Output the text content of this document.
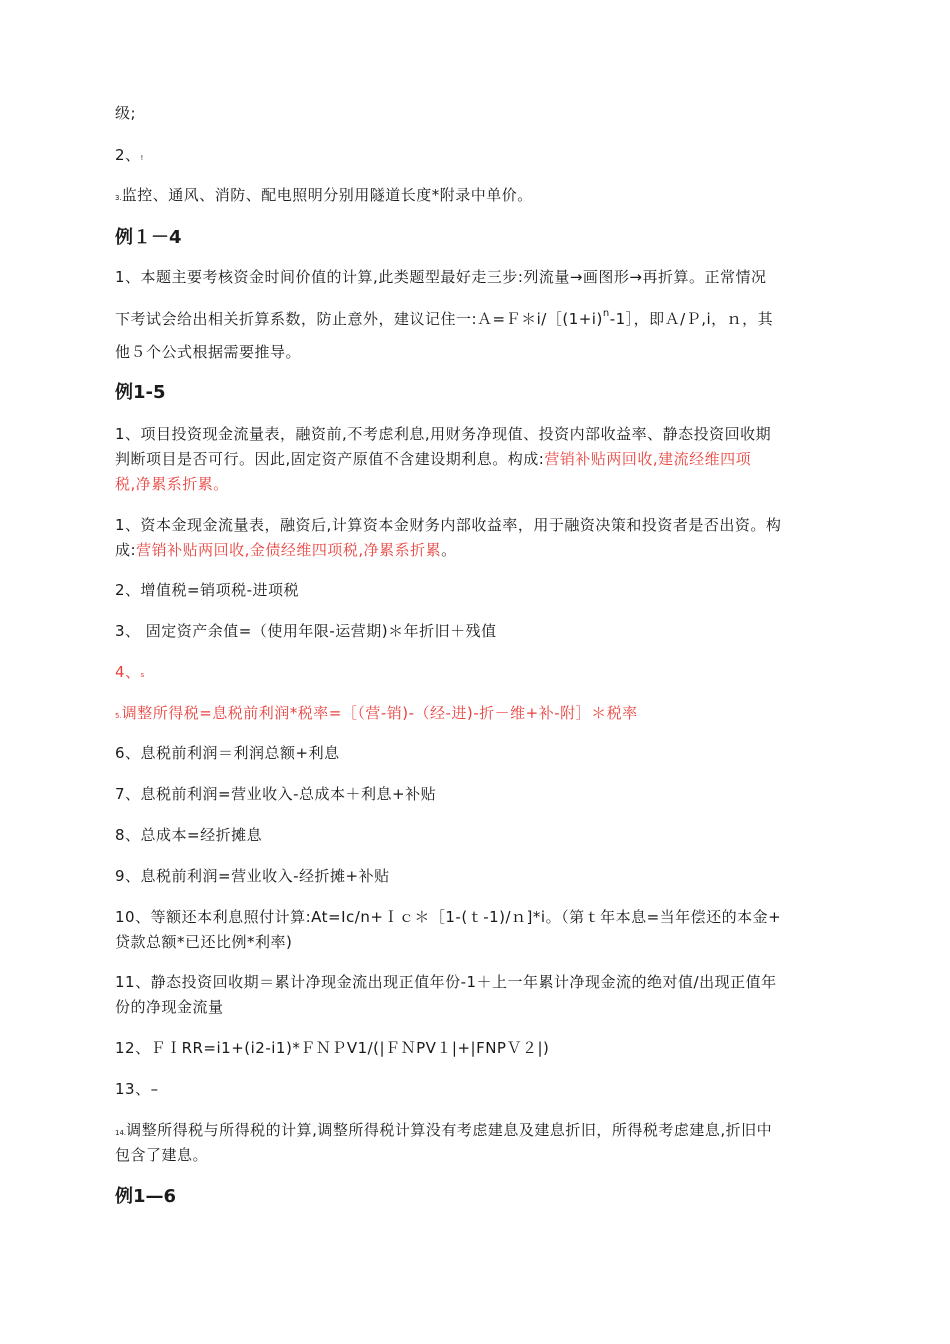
级;
2、!
3.监控、通风、消防、配电照明分别用隧道长度*附录中单价。
例１－4
1、本题主要考核资金时间价值的计算,此类题型最好走三步:列流量→画图形→再折算。正常情况
下考试会给出相关折算系数，防止意外，建议记住一$:A=F*i/[(1+i)^n-1]$，即Ａ/Ｐ,i，ｎ，其
他５个公式根据需要推导。
例1-5
1、项目投资现金流量表，融资前,不考虑利息,用财务净现值、投资内部收益率、静态投资回收期
判断项目是否可行。因此,固定资产原值不含建设期利息。构成:营销补贴两回收,建流经维四项
税,净累系折累。
1、资本金现金流量表，融资后,计算资本金财务内部收益率，用于融资决策和投资者是否出资。构
成:营销补贴两回收,金债经维四项税,净累系折累。
2、增值税=销项税-进项税
3、 固定资产余值=（使用年限-运营期)＊年折旧＋残值
4、s
5.调整所得税=息税前利润*税率=［（营-销)-（经-进)-折－维+补-附］＊税率
6、息税前利润＝利润总额+利息
7、息税前利润=营业收入-总成本＋利息+补贴
8、总成本=经折摊息
9、息税前利润=营业收入-经折摊+补贴
10、等额还本利息照付计算:At=Ic/n+Ｉｃ＊［1-(ｔ-1)/ｎ]*i。（第ｔ年本息=当年偿还的本金+
贷款总额*已还比例*利率)
11、静态投资回收期＝累计净现金流出现正值年份-1＋上一年累计净现金流的绝对值/出现正值年
份的净现金流量
12、ＦＩRR=i1+(i2-i1)*ＦＮＰV1/(|ＦＮPV１|+|FNPＶ２|)
13、–
14.调整所得税与所得税的计算,调整所得税计算没有考虑建息及建息折旧，所得税考虑建息,折旧中
包含了建息。
例1—6
